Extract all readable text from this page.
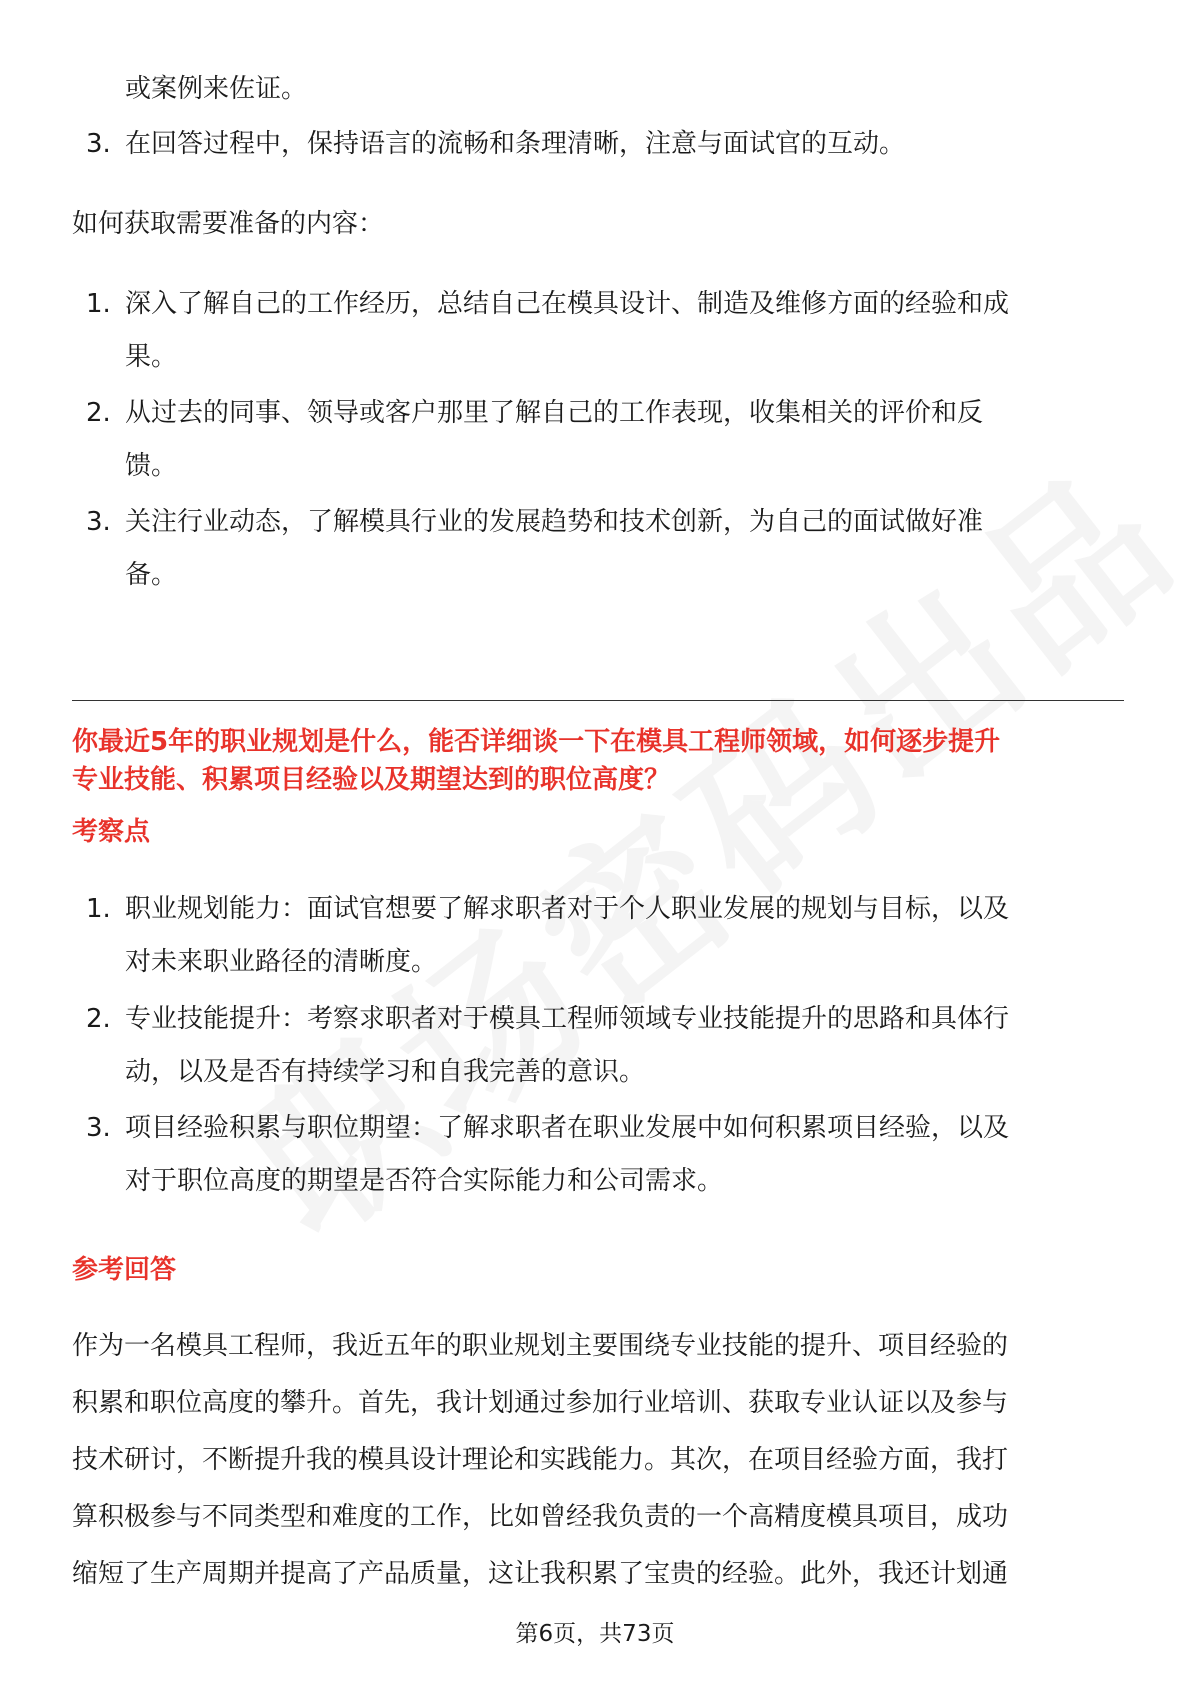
或案例来佐证。
3. 在回答过程中，保持语言的流畅和条理清晰，注意与面试官的互动。
如何获取需要准备的内容：
1. 深入了解自己的工作经历，总结自己在模具设计、制造及维修方面的经验和成
果。
2. 从过去的同事、领导或客户那里了解自己的工作表现，收集相关的评价和反
馈。
3. 关注行业动态，了解模具行业的发展趋势和技术创新，为自己的面试做好准
备。
你最近5年的职业规划是什么，能否详细谈一下在模具工程师领域，如何逐步提升
专业技能、积累项目经验以及期望达到的职位高度？
考察点
1. 职业规划能力：面试官想要了解求职者对于个人职业发展的规划与目标，以及
对未来职业路径的清晰度。
2. 专业技能提升：考察求职者对于模具工程师领域专业技能提升的思路和具体行
动，以及是否有持续学习和自我完善的意识。
3. 项目经验积累与职位期望：了解求职者在职业发展中如何积累项目经验，以及
对于职位高度的期望是否符合实际能力和公司需求。
参考回答
作为一名模具工程师，我近五年的职业规划主要围绕专业技能的提升、项目经验的
积累和职位高度的攀升。首先，我计划通过参加行业培训、获取专业认证以及参与
技术研讨，不断提升我的模具设计理论和实践能力。其次，在项目经验方面，我打
算积极参与不同类型和难度的工作，比如曾经我负责的一个高精度模具项目，成功
缩短了生产周期并提高了产品质量，这让我积累了宝贵的经验。此外，我还计划通
第6页，共73页
